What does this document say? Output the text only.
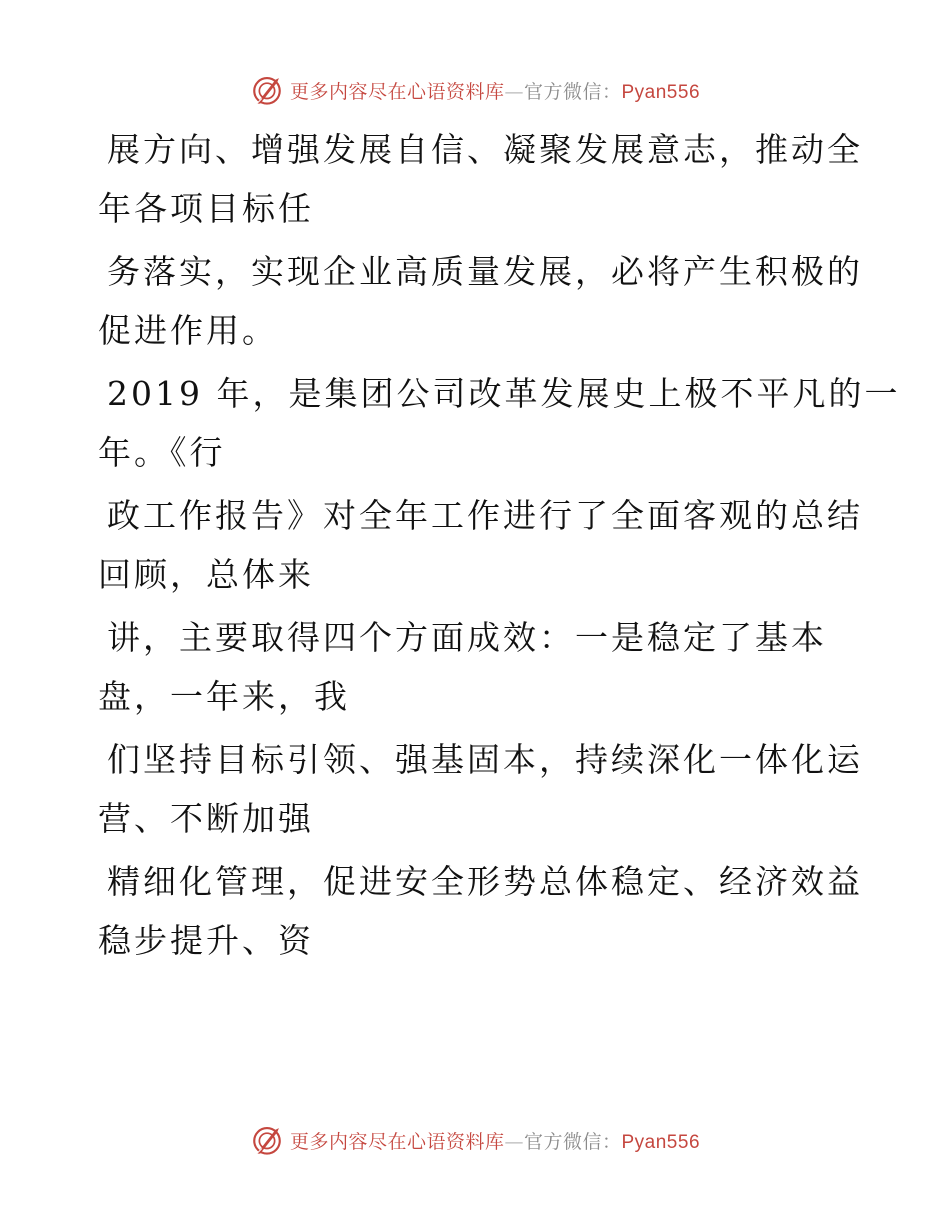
更多内容尽在心语资料库—官方微信：Pyan556
展方向、增强发展自信、凝聚发展意志，推动全
年各项目标任
务落实，实现企业高质量发展，必将产生积极的
促进作用。
2019 年，是集团公司改革发展史上极不平凡的一
年。《行
政工作报告》对全年工作进行了全面客观的总结
回顾，总体来
讲，主要取得四个方面成效：一是稳定了基本
盘，一年来，我
们坚持目标引领、强基固本，持续深化一体化运
营、不断加强
精细化管理，促进安全形势总体稳定、经济效益
稳步提升、资
更多内容尽在心语资料库—官方微信：Pyan556
